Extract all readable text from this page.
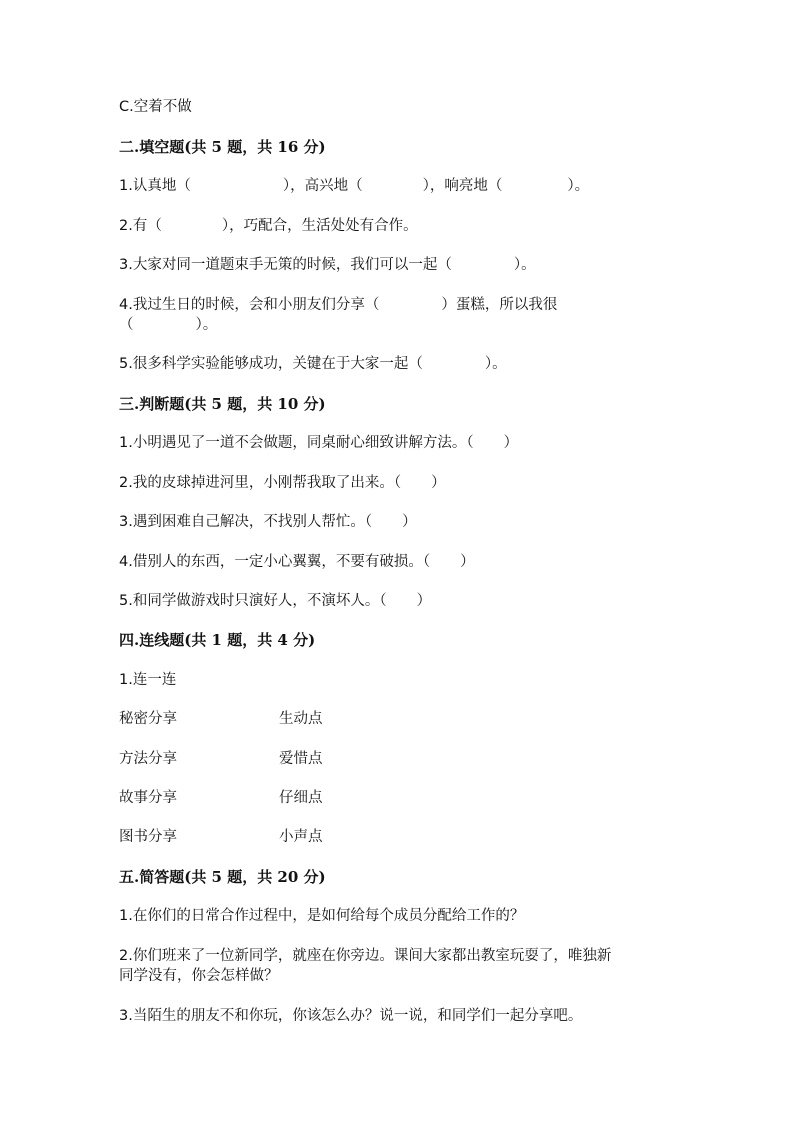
C.空着不做
二.填空题(共 5 题，共 16 分)
1.认真地（	），高兴地（	），响亮地（	）。
2.有（	），巧配合，生活处处有合作。
3.大家对同一道题束手无策的时候，我们可以一起（	）。
4.我过生日的时候，会和小朋友们分享（	）蛋糕，所以我很
（	）。
5.很多科学实验能够成功，关键在于大家一起（	）。
三.判断题(共 5 题，共 10 分)
1.小明遇见了一道不会做题，同桌耐心细致讲解方法。（ ）
2.我的皮球掉进河里，小刚帮我取了出来。（ ）
3.遇到困难自己解决，不找别人帮忙。（ ）
4.借别人的东西，一定小心翼翼，不要有破损。（ ）
5.和同学做游戏时只演好人，不演坏人。（ ）
四.连线题(共 1 题，共 4 分)
1.连一连
秘密分享	生动点
方法分享	爱惜点
故事分享	仔细点
图书分享	小声点
五.简答题(共 5 题，共 20 分)
1.在你们的日常合作过程中，是如何给每个成员分配给工作的？
2.你们班来了一位新同学，就座在你旁边。课间大家都出教室玩耍了，唯独新
同学没有，你会怎样做？
3.当陌生的朋友不和你玩，你该怎么办？说一说，和同学们一起分享吧。
